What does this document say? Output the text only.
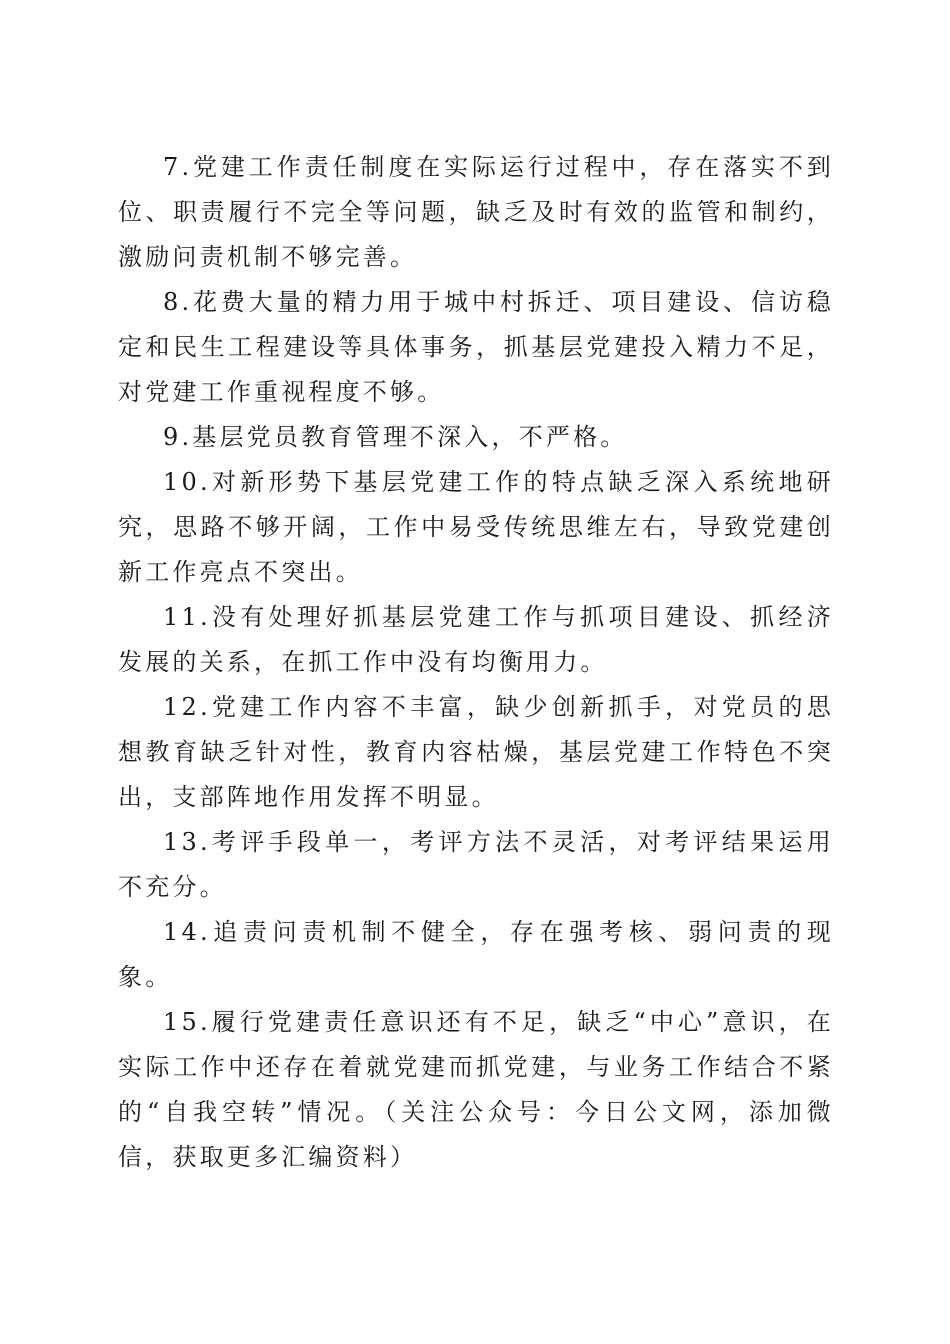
7.党建工作责任制度在实际运行过程中，存在落实不到位、职责履行不完全等问题，缺乏及时有效的监管和制约，激励问责机制不够完善。

8.花费大量的精力用于城中村拆迁、项目建设、信访稳定和民生工程建设等具体事务，抓基层党建投入精力不足，对党建工作重视程度不够。

9.基层党员教育管理不深入，不严格。

10.对新形势下基层党建工作的特点缺乏深入系统地研究，思路不够开阔，工作中易受传统思维左右，导致党建创新工作亮点不突出。

11.没有处理好抓基层党建工作与抓项目建设、抓经济发展的关系，在抓工作中没有均衡用力。

12.党建工作内容不丰富，缺少创新抓手，对党员的思想教育缺乏针对性，教育内容枯燥，基层党建工作特色不突出，支部阵地作用发挥不明显。

13.考评手段单一，考评方法不灵活，对考评结果运用不充分。

14.追责问责机制不健全，存在强考核、弱问责的现象。

15.履行党建责任意识还有不足，缺乏“中心”意识，在实际工作中还存在着就党建而抓党建，与业务工作结合不紧的“自我空转”情况。（关注公众号：今日公文网，添加微信，获取更多汇编资料）
